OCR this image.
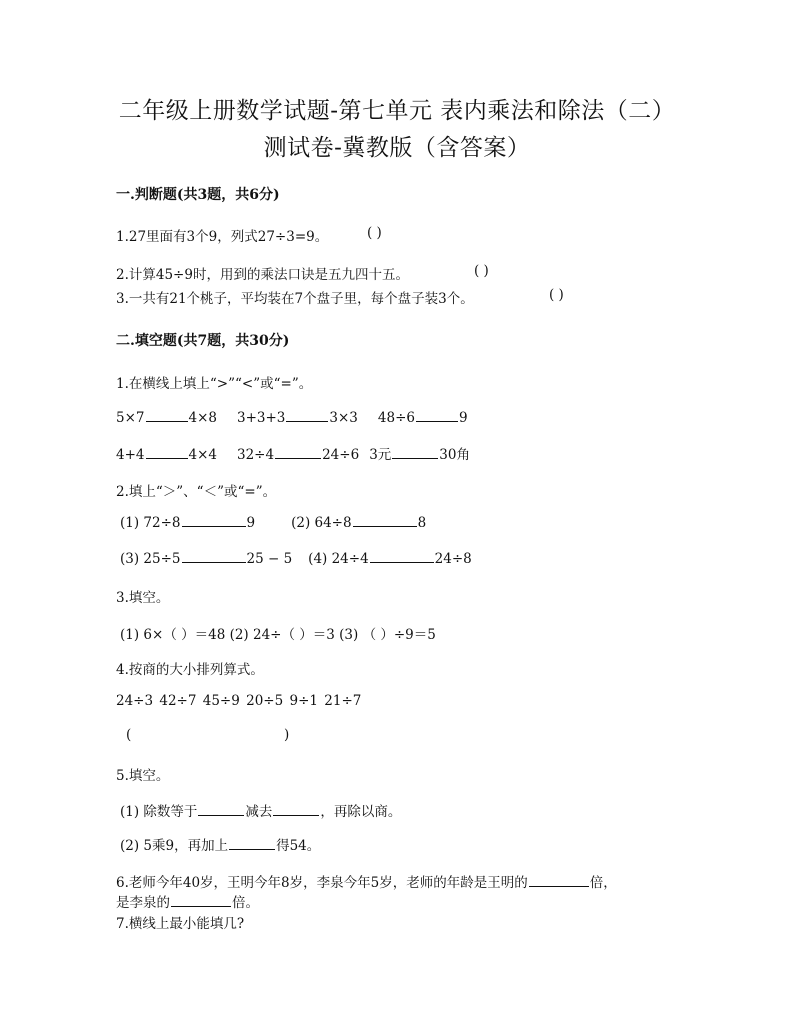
二年级上册数学试题-第七单元 表内乘法和除法（二）
测试卷-冀教版（含答案）
一.判断题(共3题，共6分)
1.27里面有3个9，列式27÷3=9。	( )
2.计算45÷9时，用到的乘法口诀是五九四十五。	( )
3.一共有21个桃子，平均装在7个盘子里，每个盘子装3个。	( )
二.填空题(共7题，共30分)
1.在横线上填上“>”“<”或“=”。
5×7	4×8 3+3+3	3×3 48÷6	9
4+4	4×4 32÷4	24÷6 3元	30角
2.填上“＞”、“＜”或“=”。
(1) 72÷8	9	(2) 64÷8	8
(3) 25÷5	25 − 5 (4) 24÷4	24÷8
3.填空。
(1) 6×（ ）＝48 (2) 24÷（ ）＝3 (3) （ ）÷9＝5
4.按商的大小排列算式。
24÷3 42÷7 45÷9 20÷5 9÷1 21÷7
(	)
5.填空。
(1) 除数等于	减去	，再除以商。
(2) 5乘9，再加上	得54。
6.老师今年40岁，王明今年8岁，李泉今年5岁，老师的年龄是王明的	倍，
是李泉的	倍。
7.横线上最小能填几?
